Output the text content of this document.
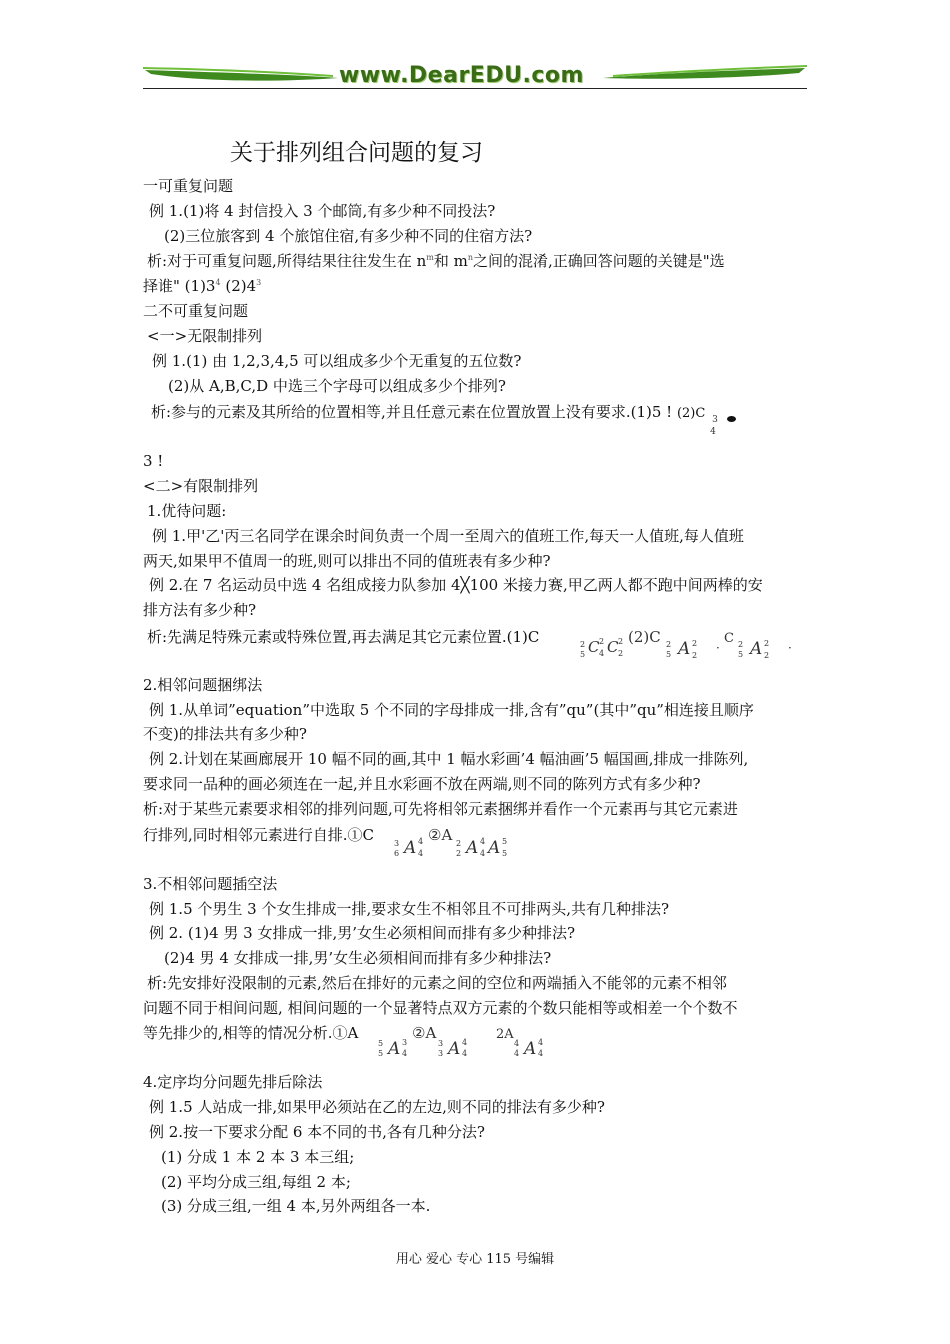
www.DearEDU.com
关于排列组合问题的复习
一可重复问题
例 1.(1)将 4 封信投入 3 个邮筒,有多少种不同投法?
(2)三位旅客到 4 个旅馆住宿,有多少种不同的住宿方法?
析:对于可重复问题,所得结果往往发生在 $n^m$和 $m^n$之间的混淆,正确回答问题的关键是"选
择谁" $(1)3^4$ $(2)4^3$
二不可重复问题
<一>无限制排列
例 1.(1) 由 1,2,3,4,5 可以组成多少个无重复的五位数?
(2)从 A,B,C,D 中选三个字母可以组成多少个排列?
析:参与的元素及其所给的位置相等,并且任意元素在位置放置上没有要求.(1)5 ! (2)C 3
4

3 !
<二>有限制排列
1.优待问题:
例 1.甲'乙'丙三名同学在课余时间负责一个周一至周六的值班工作,每天一人值班,每人值班
两天,如果甲不值周一的班,则可以排出不同的值班表有多少种?
例 2.在 7 名运动员中选 4 名组成接力队参加 4╳100 米接力赛,甲乙两人都不跑中间两棒的安
排方法有多少种?
析:先满足特殊元素或特殊位置,再去满足其它元素位置.(1)C	2
5 C 2
4 C 2
2
(2)C 2
5 A 2
2
·
C 2
5 A 2
2
·
2.相邻问题捆绑法
例 1.从单词”equation”中选取 5 个不同的字母排成一排,含有”qu”(其中”qu”相连接且顺序
不变)的排法共有多少种?
例 2.计划在某画廊展开 10 幅不同的画,其中 1 幅水彩画’4 幅油画’5 幅国画,排成一排陈列,
要求同一品种的画必须连在一起,并且水彩画不放在两端,则不同的陈列方式有多少种?
析:对于某些元素要求相邻的排列问题,可先将相邻元素捆绑并看作一个元素再与其它元素进
行排列,同时相邻元素进行自排.①C 3
6 A 4
4
②A 2
2 A 4
4 A 5
5
3.不相邻问题插空法
例 1.5 个男生 3 个女生排成一排,要求女生不相邻且不可排两头,共有几种排法?
例 2. (1)4 男 3 女排成一排,男’女生必须相间而排有多少种排法?
(2)4 男 4 女排成一排,男’女生必须相间而排有多少种排法?
析:先安排好没限制的元素,然后在排好的元素之间的空位和两端插入不能邻的元素不相邻
问题不同于相间问题, 相间问题的一个显著特点双方元素的个数只能相等或相差一个个数不
等先排少的,相等的情况分析.①A
5
5 A 3
4
②A
3
3 A 4
4
2A
4
4 A 4
4
4.定序均分问题先排后除法
例 1.5 人站成一排,如果甲必须站在乙的左边,则不同的排法有多少种?
例 2.按一下要求分配 6 本不同的书,各有几种分法?
(1) 分成 1 本 2 本 3 本三组;
(2) 平均分成三组,每组 2 本;
(3) 分成三组,一组 4 本,另外两组各一本.
用心 爱心 专心 115 号编辑
